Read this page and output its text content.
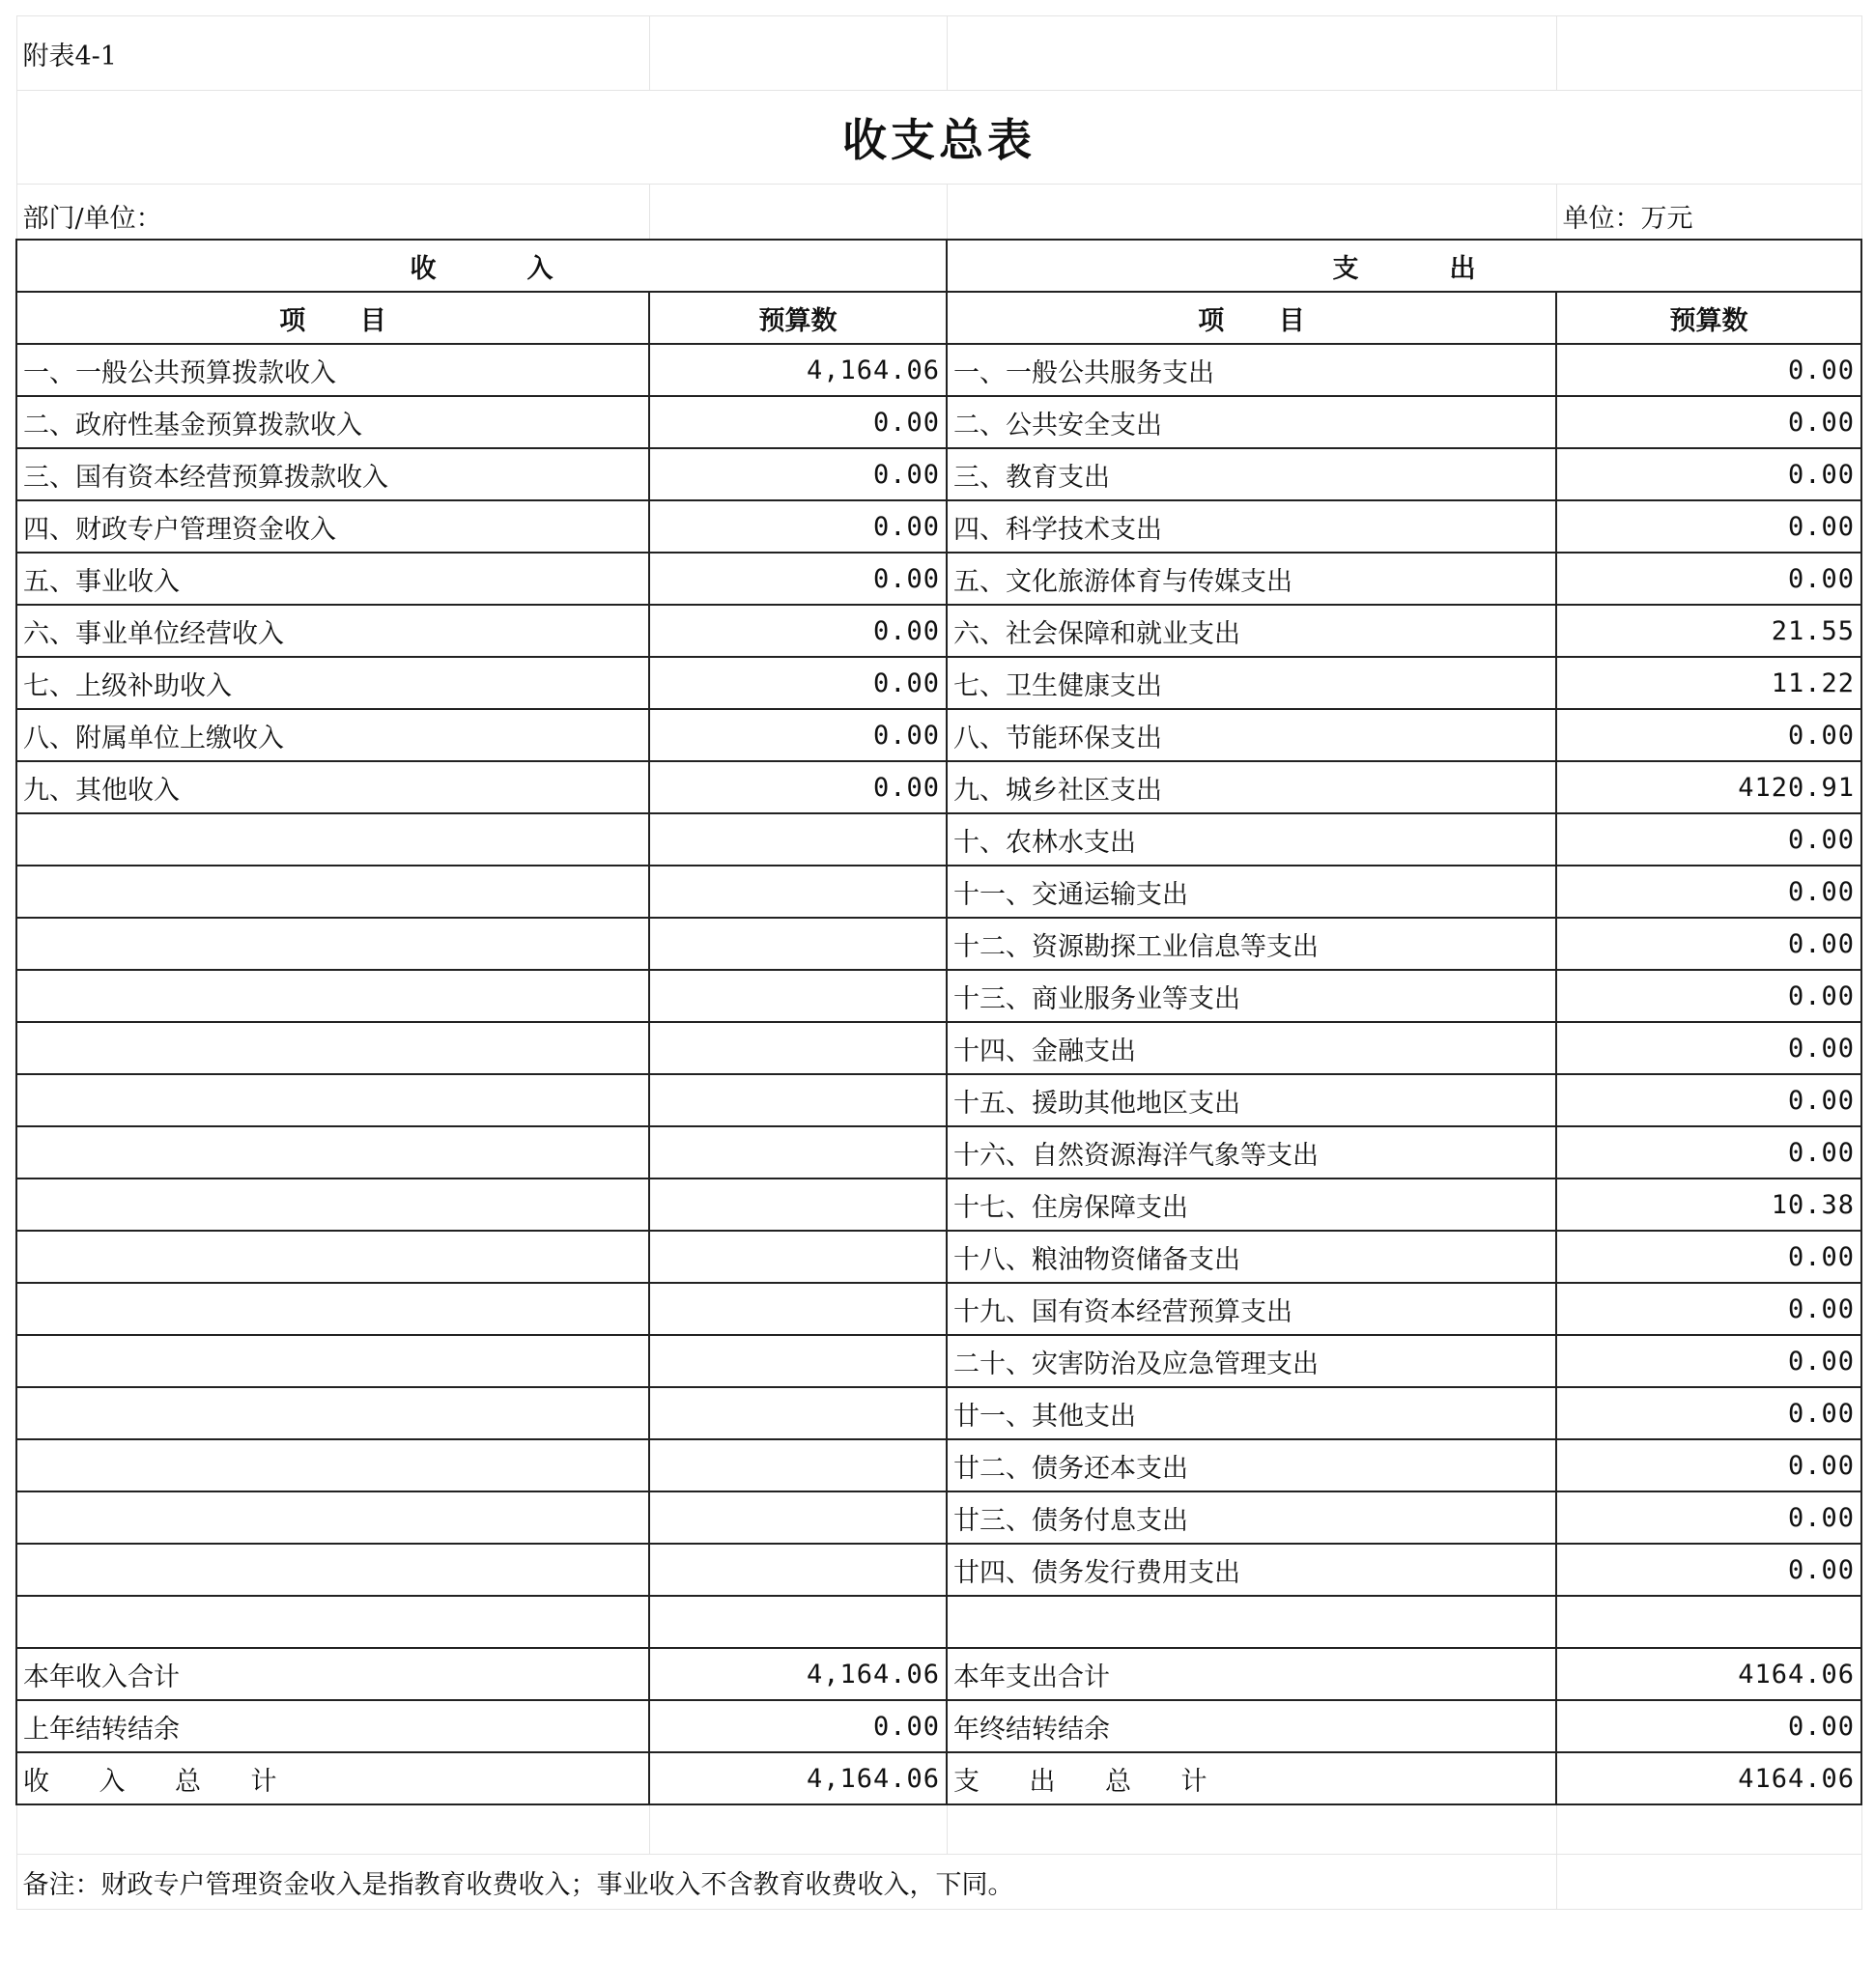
附表4-1			
收支总表			
部门/单位：			单位：万元
收          入		支          出	
项      目	预算数	项      目	预算数
一、一般公共预算拨款收入	4,164.06	一、一般公共服务支出	0.00
二、政府性基金预算拨款收入	0.00	二、公共安全支出	0.00
三、国有资本经营预算拨款收入	0.00	三、教育支出	0.00
四、财政专户管理资金收入	0.00	四、科学技术支出	0.00
五、事业收入	0.00	五、文化旅游体育与传媒支出	0.00
六、事业单位经营收入	0.00	六、社会保障和就业支出	21.55
七、上级补助收入	0.00	七、卫生健康支出	11.22
八、附属单位上缴收入	0.00	八、节能环保支出	0.00
九、其他收入	0.00	九、城乡社区支出	4120.91
		十、农林水支出	0.00
		十一、交通运输支出	0.00
		十二、资源勘探工业信息等支出	0.00
		十三、商业服务业等支出	0.00
		十四、金融支出	0.00
		十五、援助其他地区支出	0.00
		十六、自然资源海洋气象等支出	0.00
		十七、住房保障支出	10.38
		十八、粮油物资储备支出	0.00
		十九、国有资本经营预算支出	0.00
		二十、灾害防治及应急管理支出	0.00
		廿一、其他支出	0.00
		廿二、债务还本支出	0.00
		廿三、债务付息支出	0.00
		廿四、债务发行费用支出	0.00

本年收入合计	4,164.06	本年支出合计	4164.06
上年结转结余	0.00	年终结转结余	0.00
收      入      总      计	4,164.06	支      出      总      计	4164.06

备注：财政专户管理资金收入是指教育收费收入；事业收入不含教育收费收入，下同。			
